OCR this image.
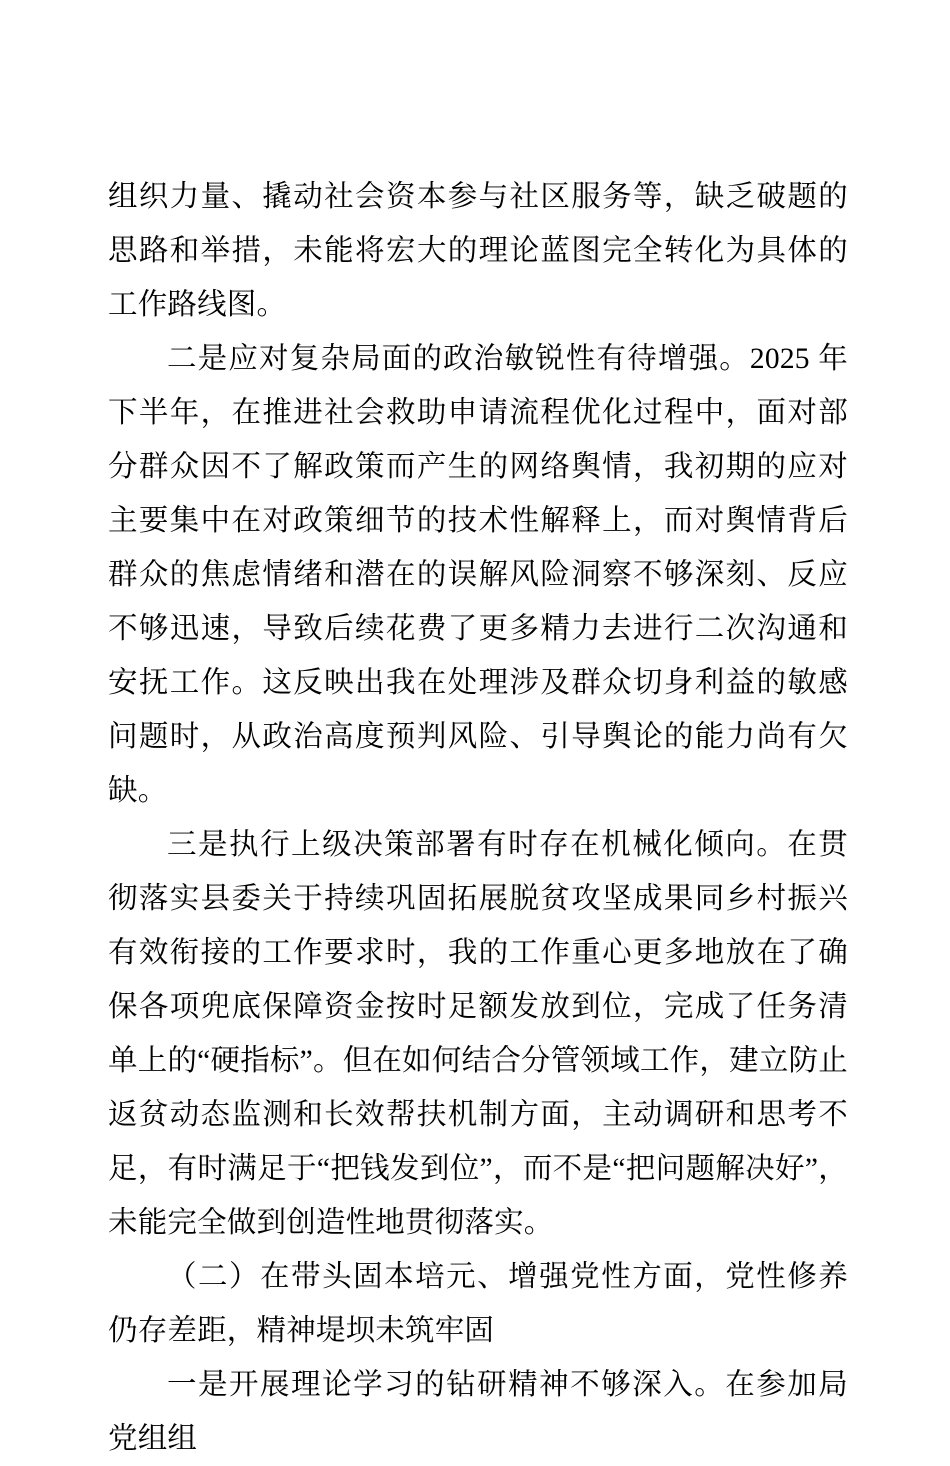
组织力量、撬动社会资本参与社区服务等，缺乏破题的思路和举措，未能将宏大的理论蓝图完全转化为具体的工作路线图。

二是应对复杂局面的政治敏锐性有待增强。2025 年下半年，在推进社会救助申请流程优化过程中，面对部分群众因不了解政策而产生的网络舆情，我初期的应对主要集中在对政策细节的技术性解释上，而对舆情背后群众的焦虑情绪和潜在的误解风险洞察不够深刻、反应不够迅速，导致后续花费了更多精力去进行二次沟通和安抚工作。这反映出我在处理涉及群众切身利益的敏感问题时，从政治高度预判风险、引导舆论的能力尚有欠缺。

三是执行上级决策部署有时存在机械化倾向。在贯彻落实县委关于持续巩固拓展脱贫攻坚成果同乡村振兴有效衔接的工作要求时，我的工作重心更多地放在了确保各项兜底保障资金按时足额发放到位，完成了任务清单上的“硬指标”。但在如何结合分管领域工作，建立防止返贫动态监测和长效帮扶机制方面，主动调研和思考不足，有时满足于“把钱发到位”，而不是“把问题解决好”，未能完全做到创造性地贯彻落实。

（二）在带头固本培元、增强党性方面，党性修养仍存差距，精神堤坝未筑牢固

一是开展理论学习的钻研精神不够深入。在参加局党组组
